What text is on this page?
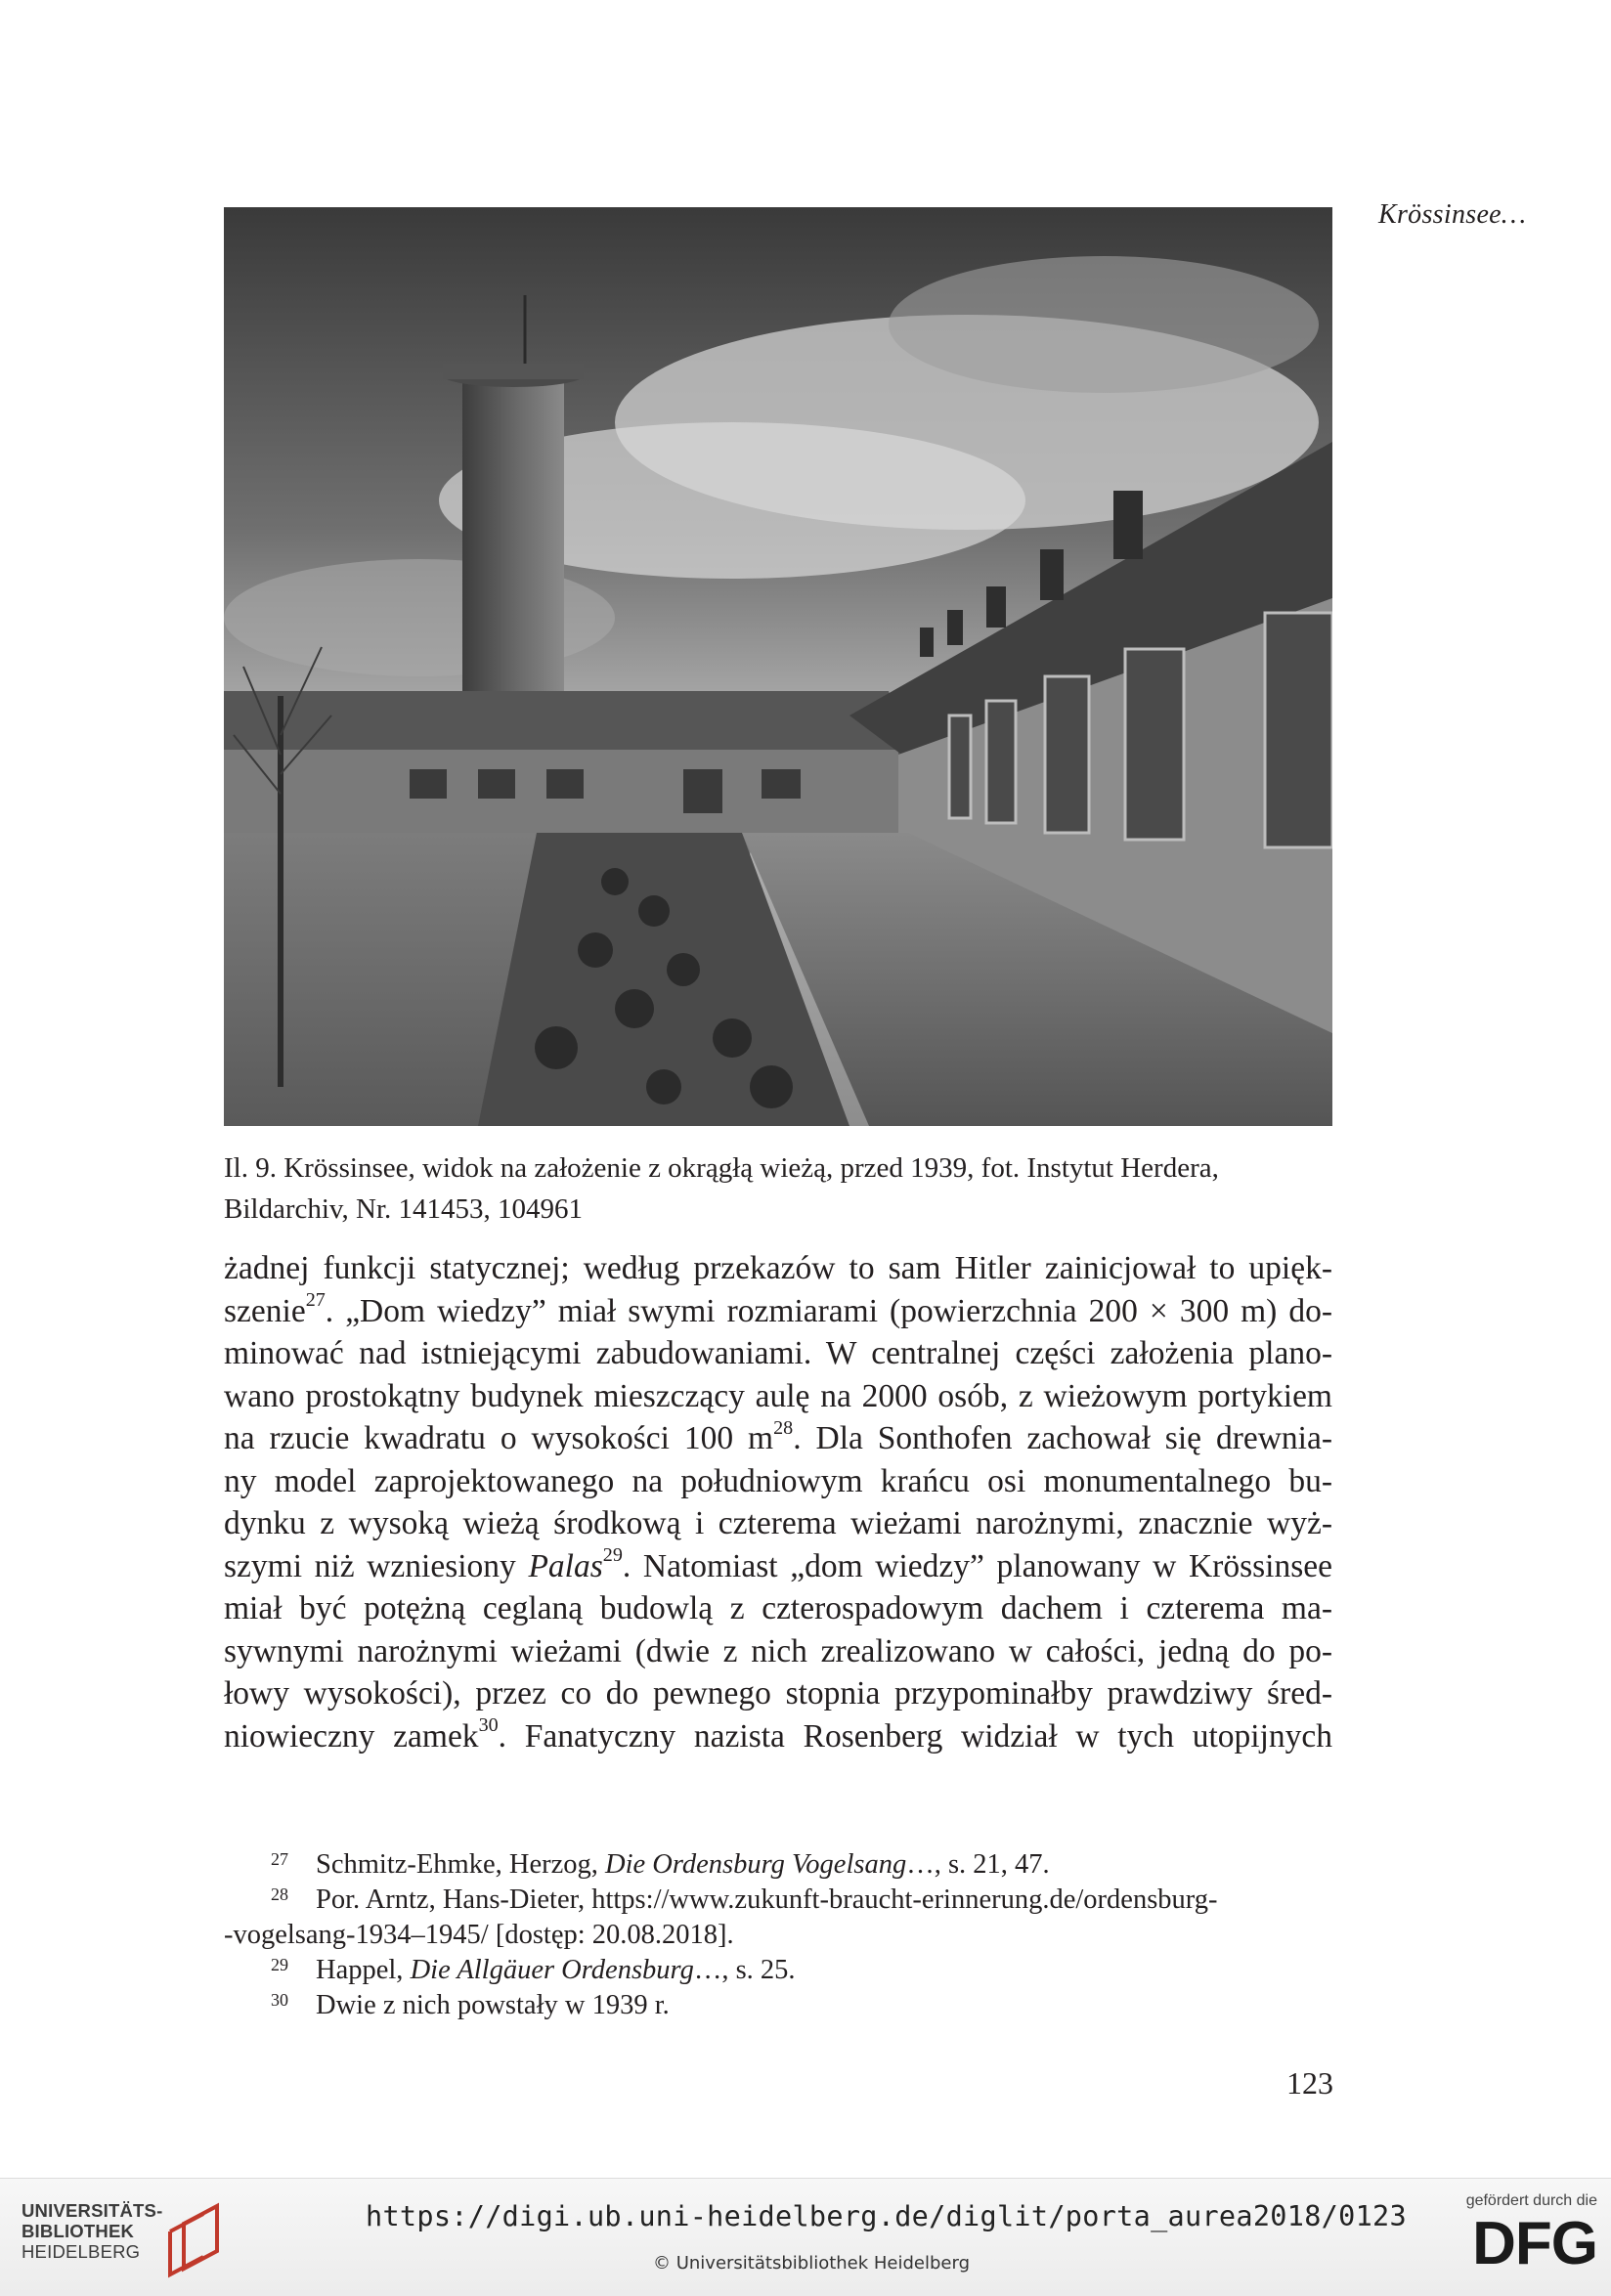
Krössinsee…
Il. 9. Krössinsee, widok na założenie z okrągłą wieżą, przed 1939, fot. Instytut Herdera,
Bildarchiv, Nr. 141453, 104961
żadnej funkcji statycznej; według przekazów to sam Hitler zainicjował to upięk-
szenie$^{27}$. „Dom wiedzy” miał swymi rozmiarami (powierzchnia 200 × 300 m) do-
minować nad istniejącymi zabudowaniami. W centralnej części założenia plano-
wano prostokątny budynek mieszczący aulę na 2000 osób, z wieżowym portykiem
na rzucie kwadratu o wysokości 100 m$^{28}$. Dla Sonthofen zachował się drewnia-
ny model zaprojektowanego na południowym krańcu osi monumentalnego bu-
dynku z wysoką wieżą środkową i czterema wieżami narożnymi, znacznie wyż-
szymi niż wzniesiony Palas$^{29}$. Natomiast „dom wiedzy” planowany w Krössinsee
miał być potężną ceglaną budowlą z czterospadowym dachem i czterema ma-
sywnymi narożnymi wieżami (dwie z nich zrealizowano w całości, jedną do po-
łowy wysokości), przez co do pewnego stopnia przypominałby prawdziwy śred-
niowieczny zamek$^{30}$. Fanatyczny nazista Rosenberg widział w tych utopijnych
27 Schmitz-Ehmke, Herzog, Die Ordensburg Vogelsang…, s. 21, 47.
28 Por. Arntz, Hans-Dieter, https://www.zukunft-braucht-erinnerung.de/ordensburg-
-vogelsang-1934–1945/ [dostęp: 20.08.2018].
29 Happel, Die Allgäuer Ordensburg…, s. 25.
30 Dwie z nich powstały w 1939 r.
123
UNIVERSITÄTS-
BIBLIOTHEK
HEIDELBERG
https://digi.ub.uni-heidelberg.de/diglit/porta_aurea2018/0123
© Universitätsbibliothek Heidelberg
gefördert durch die
DFG
